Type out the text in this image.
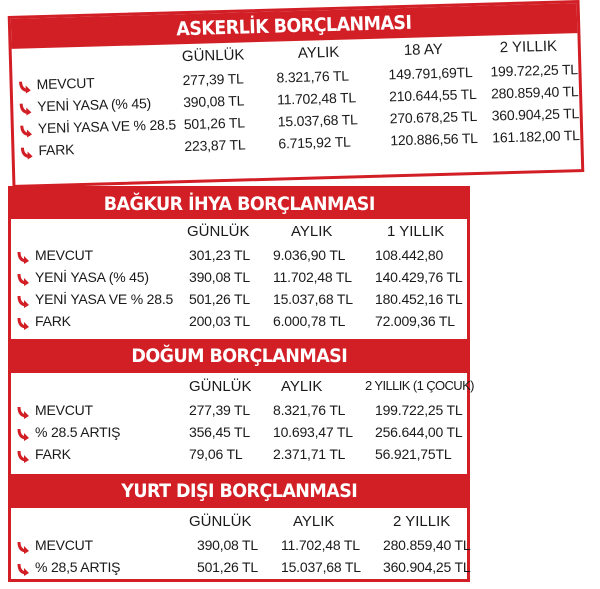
ASKERLİK BORÇLANMASI
GÜNLÜK	AYLIK	18 AY	2 YILLIK
MEVCUT	277,39 TL 8.321,76 TL	149.791,69TL 199.722,25 TL
YENİ YASA (% 45) 390,08 TL 11.702,48 TL 210.644,55 TL 280.859,40 TL
YENİ YASA VE % 28.5 501,26 TL 15.037,68 TL 270.678,25 TL 360.904,25 TL
FARK	223,87 TL 6.715,92 TL	120.886,56 TL 161.182,00 TL
BAĞKUR İHYA BORÇLANMASI
GÜNLÜK	AYLIK	1 YILLIK
MEVCUT	301,23 TL 9.036,90 TL 108.442,80
YENİ YASA (% 45)	390,08 TL 11.702,48 TL 140.429,76 TL
YENİ YASA VE % 28.5 501,26 TL 15.037,68 TL 180.452,16 TL
FARK	200,03 TL 6.000,78 TL 72.009,36 TL
DOĞUM BORÇLANMASI
GÜNLÜK AYLIK	2 YILLIK (1 ÇOCUK)
MEVCUT	277,39 TL 8.321,76 TL 199.722,25 TL
% 28.5 ARTIŞ	356,45 TL 10.693,47 TL 256.644,00 TL
FARK	79,06 TL 2.371,71 TL 56.921,75TL
YURT DIŞI BORÇLANMASI
GÜNLÜK	AYLIK	2 YILLIK
MEVCUT	390,08 TL 11.702,48 TL 280.859,40 TL
% 28,5 ARTIŞ	501,26 TL 15.037,68 TL 360.904,25 TL
